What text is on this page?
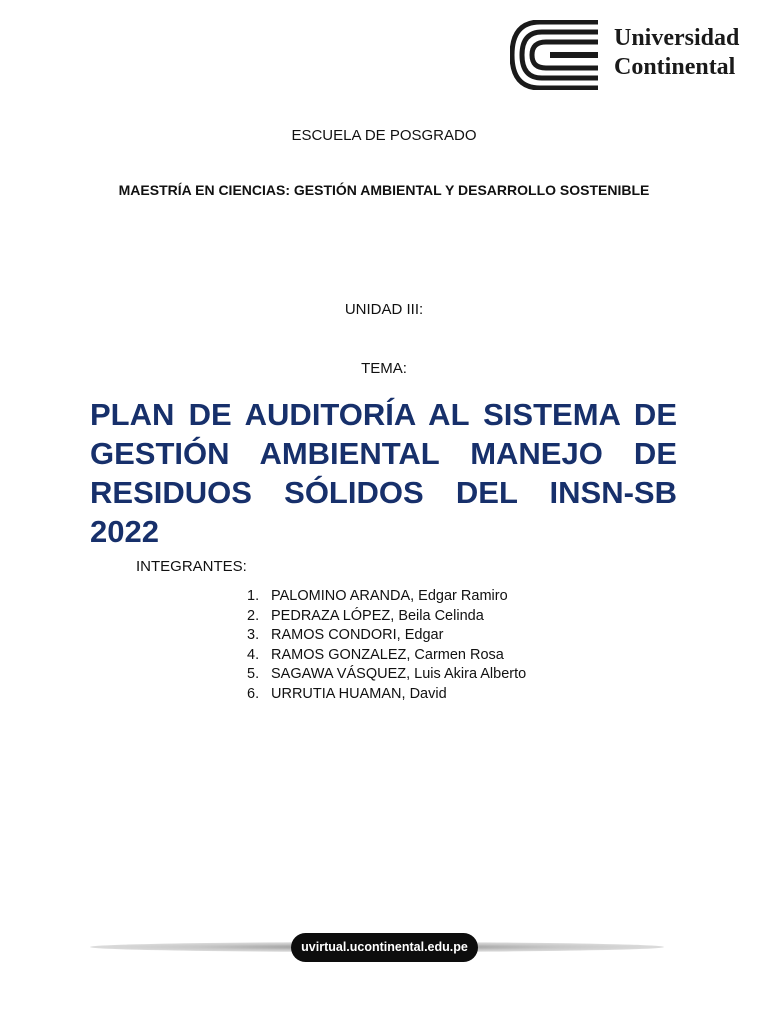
Universidad
Continental
ESCUELA DE POSGRADO
MAESTRÍA EN CIENCIAS: GESTIÓN AMBIENTAL Y DESARROLLO SOSTENIBLE
UNIDAD III:
TEMA:
PLAN DE AUDITORÍA AL SISTEMA DE
GESTIÓN AMBIENTAL MANEJO DE
RESIDUOS SÓLIDOS DEL INSN-SB 2022
INTEGRANTES:
1. PALOMINO ARANDA, Edgar Ramiro
2. PEDRAZA LÓPEZ, Beila Celinda
3. RAMOS CONDORI, Edgar
4. RAMOS GONZALEZ, Carmen Rosa
5. SAGAWA VÁSQUEZ, Luis Akira Alberto
6. URRUTIA HUAMAN, David
uvirtual.ucontinental.edu.pe
